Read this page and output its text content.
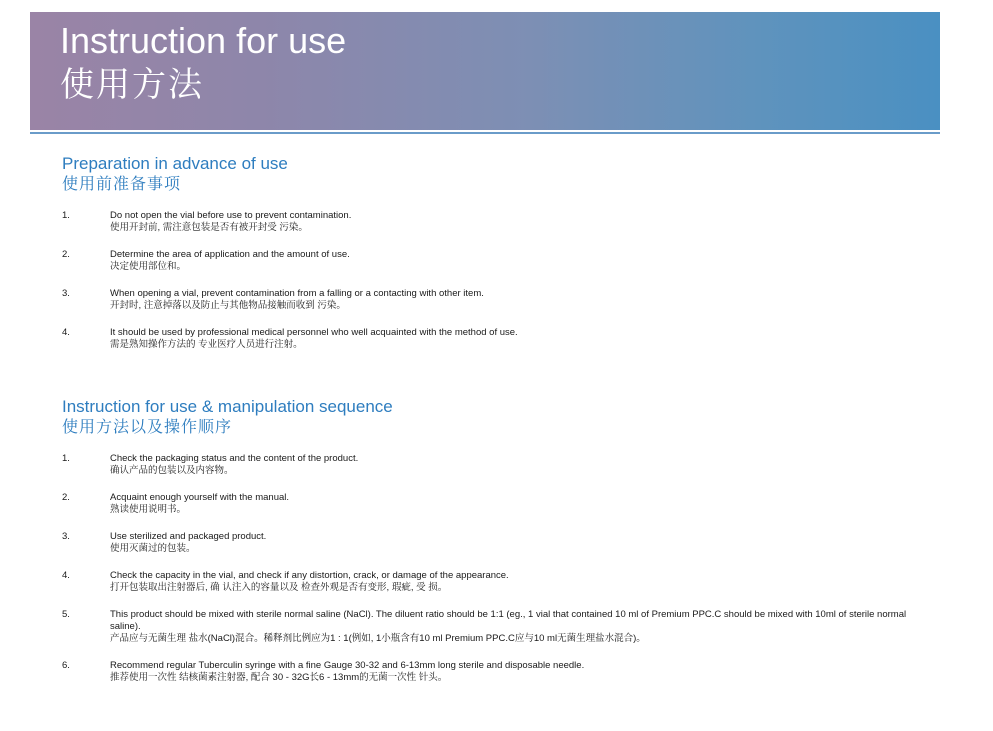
Instruction for use
使用方法
Preparation in advance of use
使用前准备事项
1.	Do not open the vial before use to prevent contamination.
使用开封前, 需注意包装是否有被开封受 污染。
2.	Determine the area of application and the amount of use.
决定使用部位和。
3.	When opening a vial, prevent contamination from a falling or a contacting with other item.
开封时, 注意掉落以及防止与其他物品接触而收到 污染。
4.	It should be used by professional medical personnel who well acquainted with the method of use.
需是熟知操作方法的 专业医疗人员进行注射。
Instruction for use & manipulation sequence
使用方法以及操作顺序
1.	Check the packaging status and the content of the product.
确认产品的包装以及内容物。
2.	Acquaint enough yourself with the manual.
熟读使用说明书。
3.	Use sterilized and packaged product.
使用灭菌过的包装。
4.	Check the capacity in the vial, and check if any distortion, crack, or damage of the appearance.
打开包装取出注射器后, 确 认注入的容量以及 检查外观是否有变形, 瑕疵, 受 损。
5.	This product should be mixed with sterile normal saline (NaCl). The diluent ratio should be 1:1 (eg., 1 vial that contained 10 ml of Premium PPC.C should be mixed with 10ml of sterile normal saline).
产品应与无菌生理 盐水(NaCl)混合。稀释剂比例应为1 : 1(例如, 1小瓶含有10 ml Premium PPC.C应与10 ml无菌生理盐水混合)。
6.	Recommend regular Tuberculin syringe with a fine Gauge 30-32 and 6-13mm long sterile and disposable needle.
推荐使用一次性 结核菌素注射器, 配合 30 - 32G长6 - 13mm的无菌一次性 针头。
